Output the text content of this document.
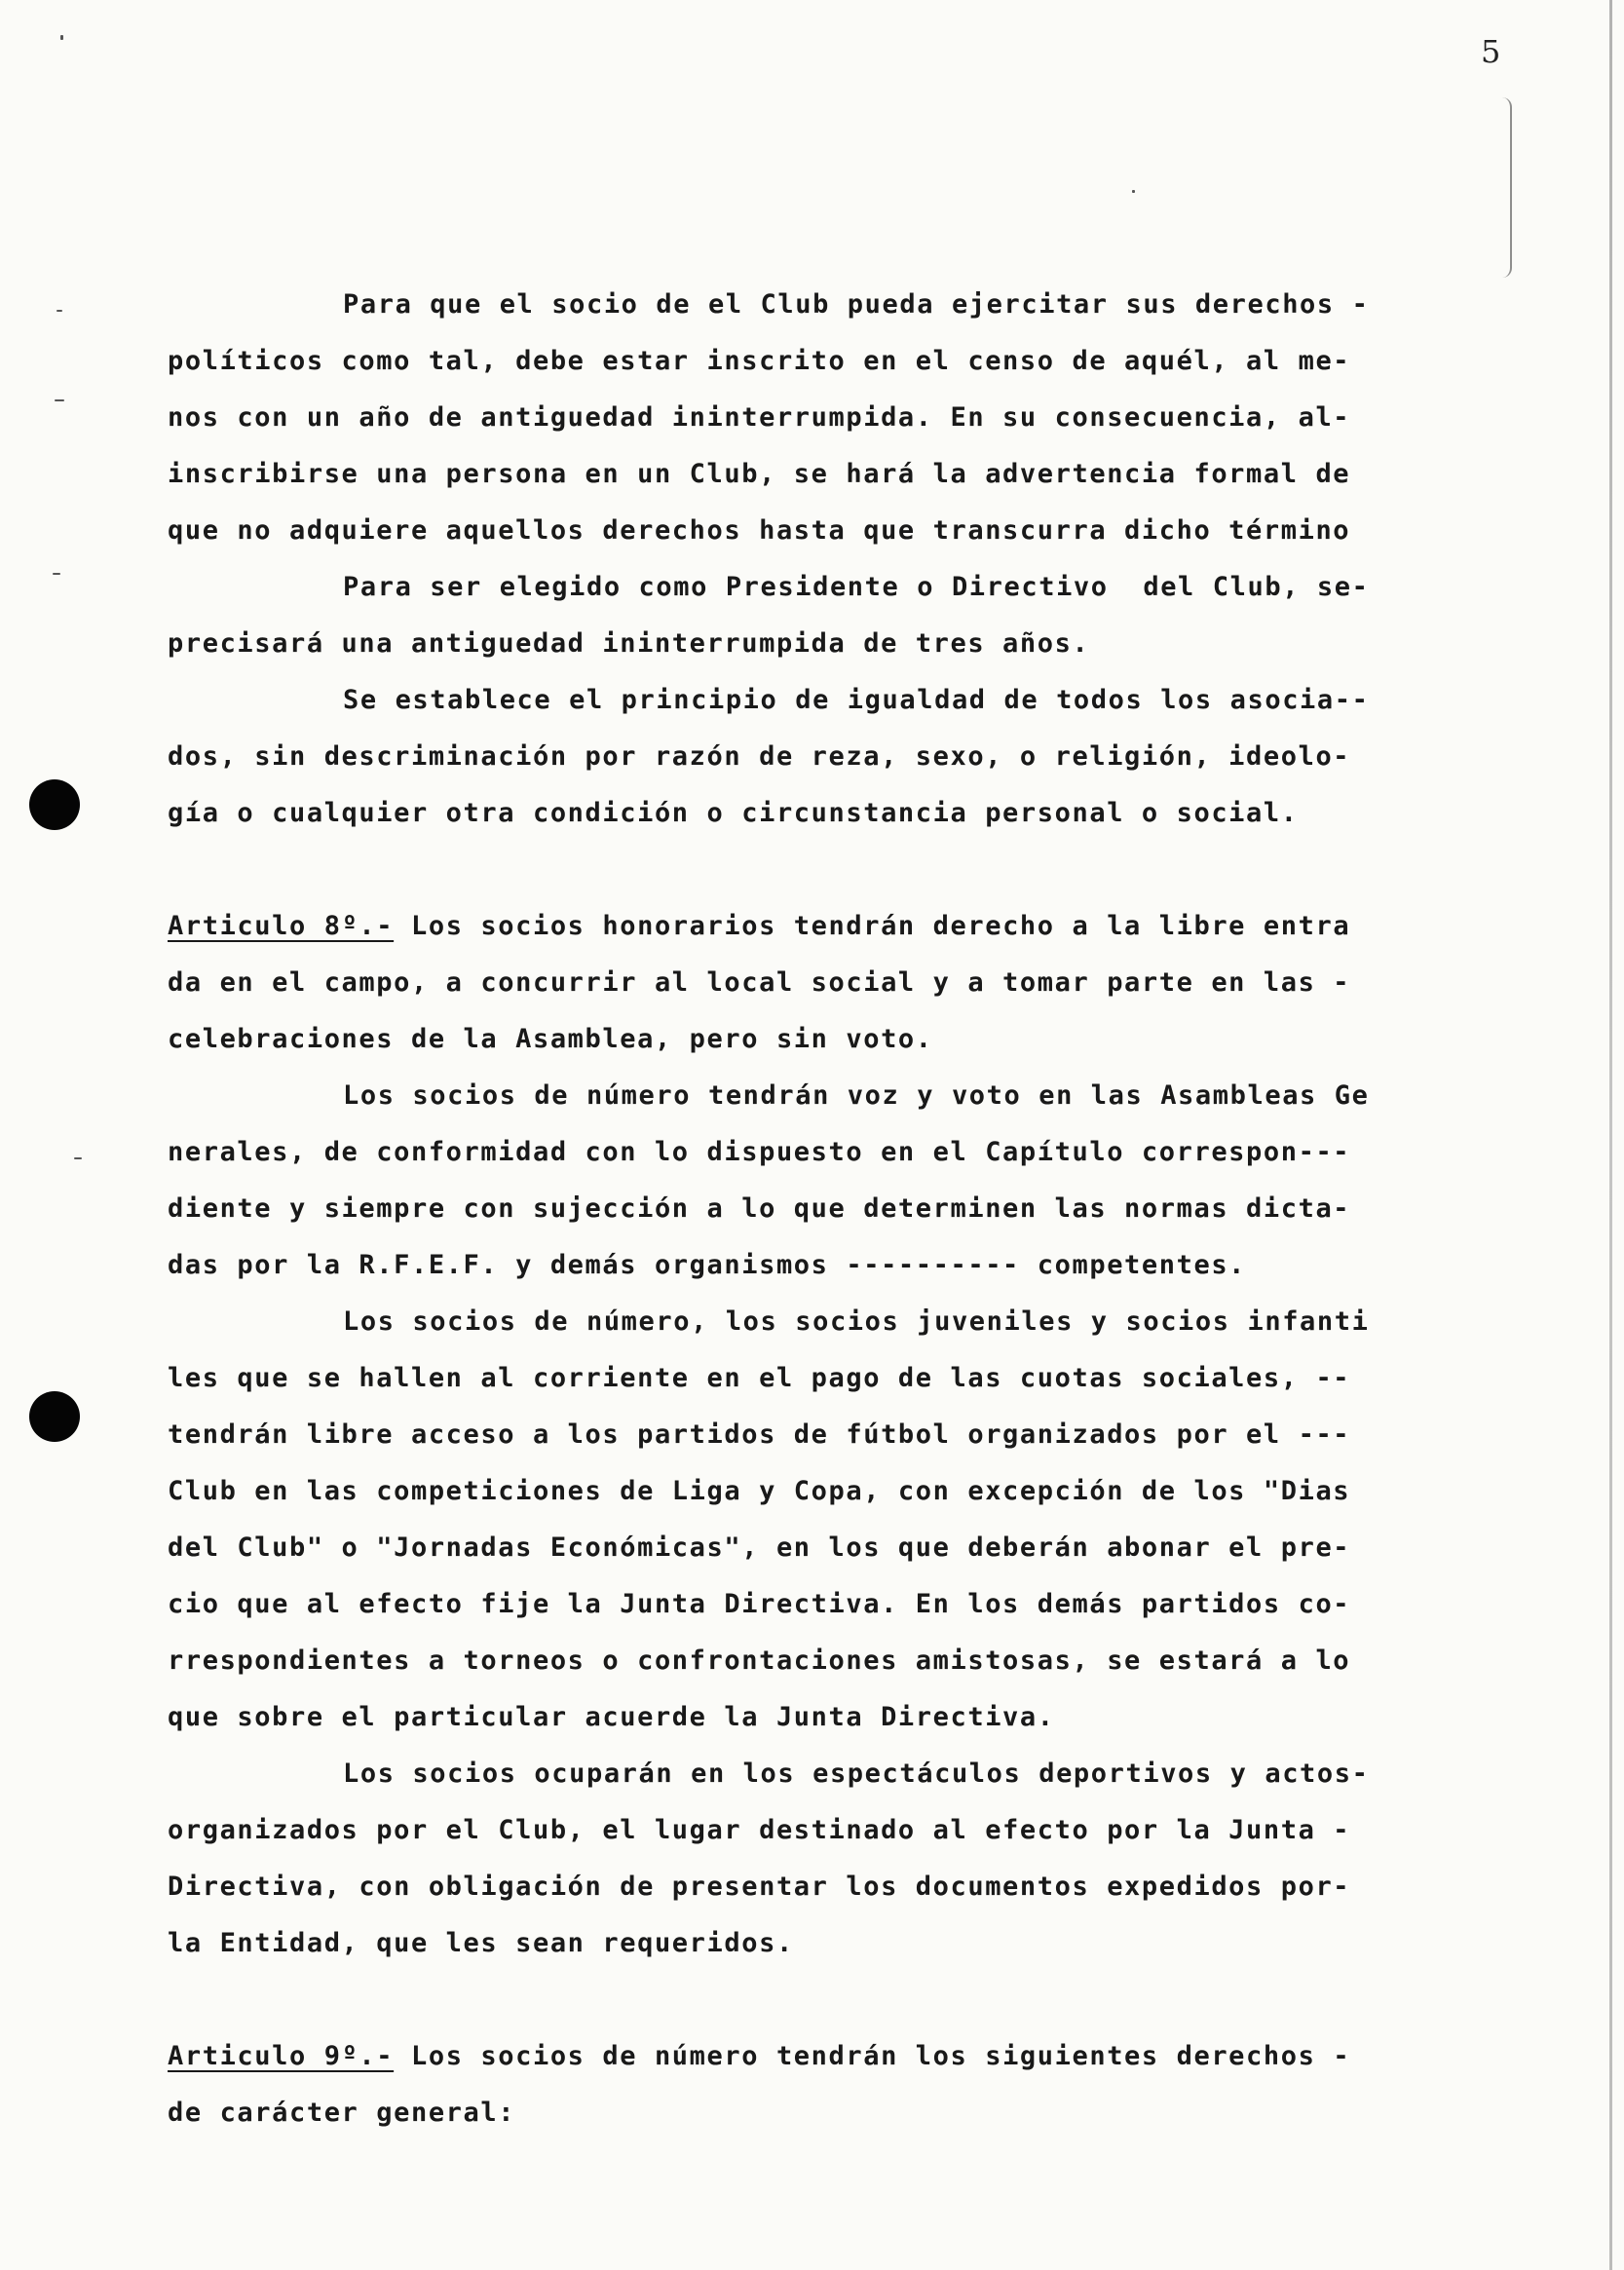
5
Para que el socio de el Club pueda ejercitar sus derechos -
políticos como tal, debe estar inscrito en el censo de aquél, al me-
nos con un año de antiguedad ininterrumpida. En su consecuencia, al-
inscribirse una persona en un Club, se hará la advertencia formal de
que no adquiere aquellos derechos hasta que transcurra dicho término
Para ser elegido como Presidente o Directivo  del Club, se-
precisará una antiguedad ininterrumpida de tres años.
Se establece el principio de igualdad de todos los asocia--
dos, sin descriminación por razón de reza, sexo, o religión, ideolo-
gía o cualquier otra condición o circunstancia personal o social.
Articulo 8º.- Los socios honorarios tendrán derecho a la libre entra
da en el campo, a concurrir al local social y a tomar parte en las -
celebraciones de la Asamblea, pero sin voto.
Los socios de número tendrán voz y voto en las Asambleas Ge
nerales, de conformidad con lo dispuesto en el Capítulo correspon---
diente y siempre con sujección a lo que determinen las normas dicta-
das por la R.F.E.F. y demás organismos ---------- competentes.
Los socios de número, los socios juveniles y socios infanti
les que se hallen al corriente en el pago de las cuotas sociales, --
tendrán libre acceso a los partidos de fútbol organizados por el ---
Club en las competiciones de Liga y Copa, con excepción de los "Dias
del Club" o "Jornadas Económicas", en los que deberán abonar el pre-
cio que al efecto fije la Junta Directiva. En los demás partidos co-
rrespondientes a torneos o confrontaciones amistosas, se estará a lo
que sobre el particular acuerde la Junta Directiva.
Los socios ocuparán en los espectáculos deportivos y actos-
organizados por el Club, el lugar destinado al efecto por la Junta -
Directiva, con obligación de presentar los documentos expedidos por-
la Entidad, que les sean requeridos.
Articulo 9º.- Los socios de número tendrán los siguientes derechos -
de carácter general:
